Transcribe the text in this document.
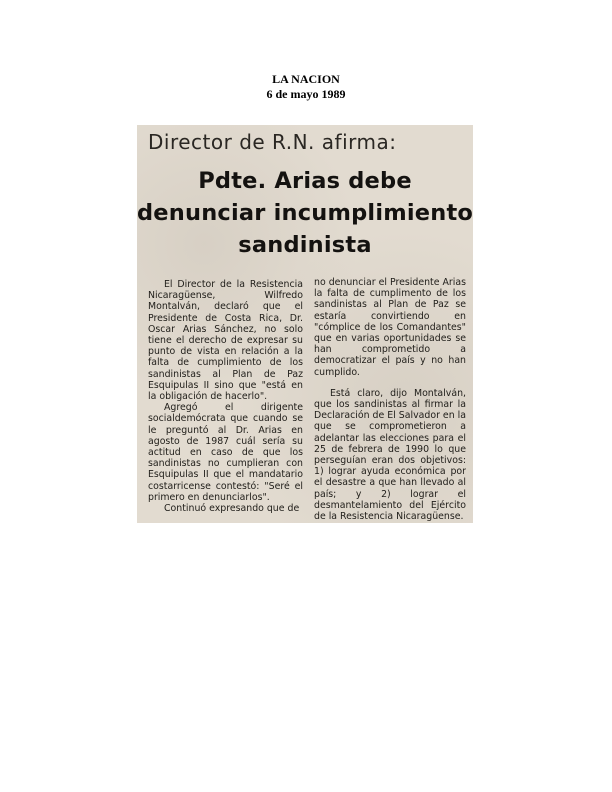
LA NACION
6 de mayo 1989
Director de R.N. afirma:
Pdte. Arias debe
denunciar incumplimiento
sandinista

El Director de la Resistencia Nicaragüense, Wilfredo Montalván, declaró que el Presidente de Costa Rica, Dr. Oscar Arias Sánchez, no solo tiene el derecho de expresar su punto de vista en relación a la falta de cumplimiento de los sandinistas al Plan de Paz Esquipulas II sino que "está en la obligación de hacerlo".

Agregó el dirigente socialdemócrata que cuando se le preguntó al Dr. Arias en agosto de 1987 cuál sería su actitud en caso de que los sandinistas no cumplieran con Esquipulas II que el mandatario costarricense contestó: "Seré el primero en denunciarlos".

Continuó expresando que de

no denunciar el Presidente Arias la falta de cumplimento de los sandinistas al Plan de Paz se estaría convirtiendo en "cómplice de los Comandantes" que en varias oportunidades se han comprometido a democratizar el país y no han cumplido.

Está claro, dijo Montalván, que los sandinistas al firmar la Declaración de El Salvador en la que se comprometieron a adelantar las elecciones para el 25 de febrera de 1990 lo que perseguían eran dos objetivos: 1) lograr ayuda económica por el desastre a que han llevado al país; y 2) lograr el desmantelamiento del Ejército de la Resistencia Nicaragüense.
